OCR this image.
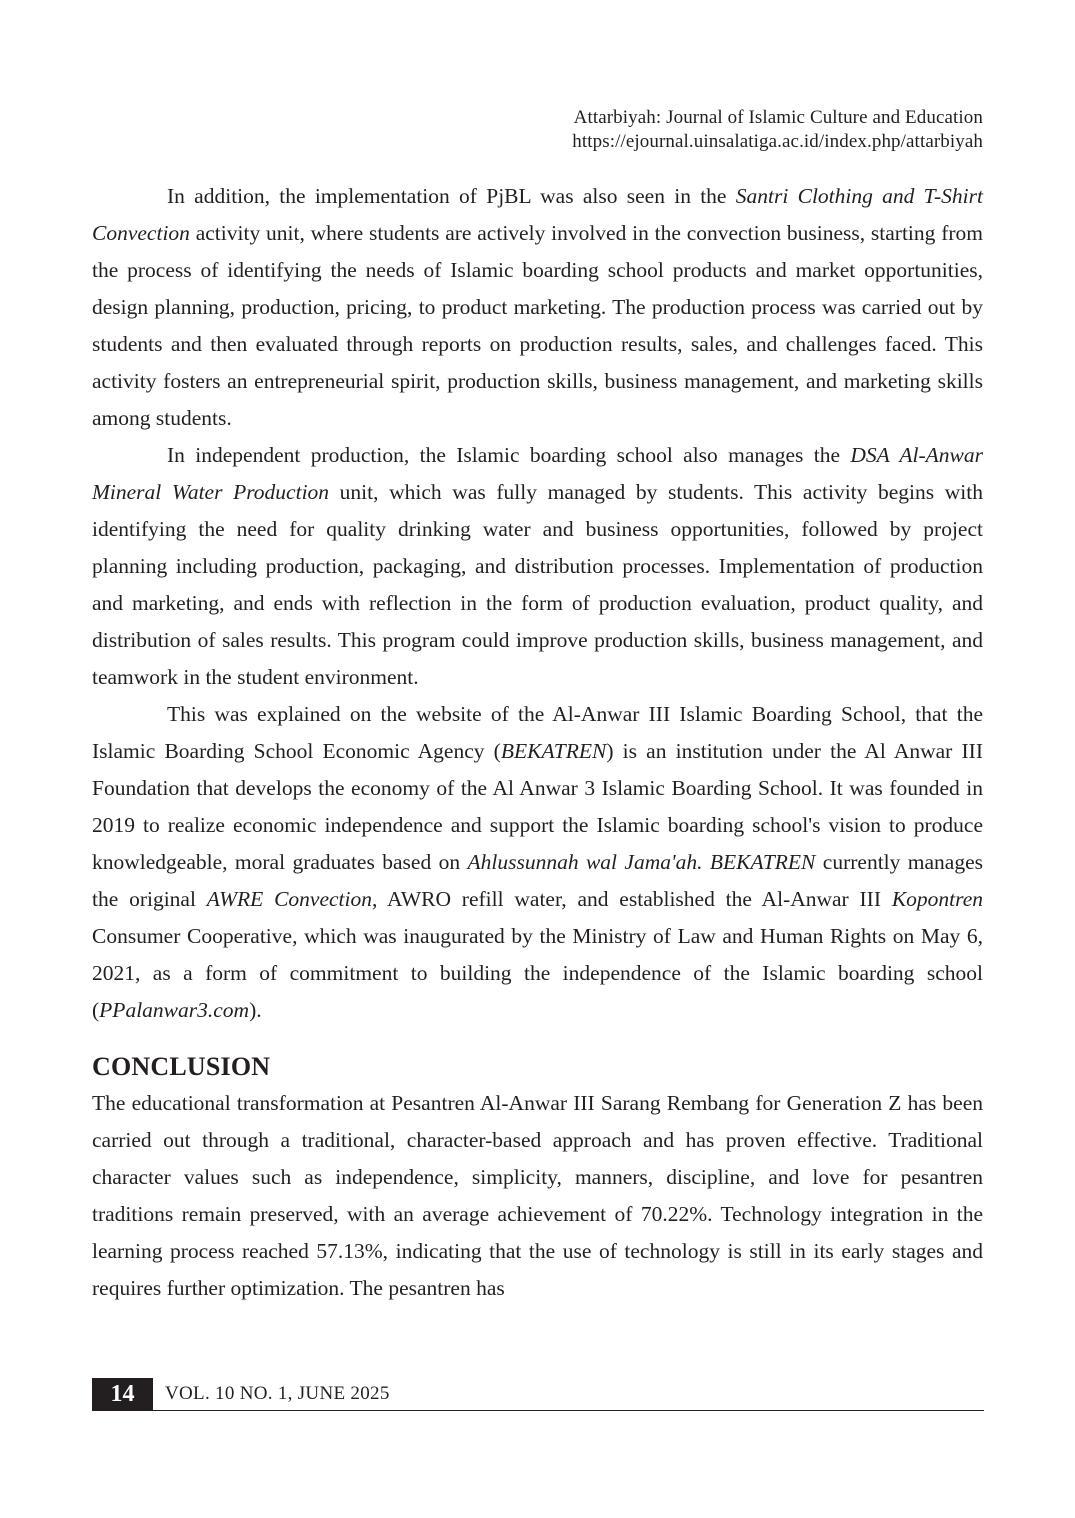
Attarbiyah: Journal of Islamic Culture and Education
https://ejournal.uinsalatiga.ac.id/index.php/attarbiyah

In addition, the implementation of PjBL was also seen in the Santri Clothing and T-Shirt Convection activity unit, where students are actively involved in the convection business, starting from the process of identifying the needs of Islamic boarding school products and market opportunities, design planning, production, pricing, to product marketing. The production process was carried out by students and then evaluated through reports on production results, sales, and challenges faced. This activity fosters an entrepreneurial spirit, production skills, business management, and marketing skills among students.

In independent production, the Islamic boarding school also manages the DSA Al-Anwar Mineral Water Production unit, which was fully managed by students. This activity begins with identifying the need for quality drinking water and business opportunities, followed by project planning including production, packaging, and distribution processes. Implementation of production and marketing, and ends with reflection in the form of production evaluation, product quality, and distribution of sales results. This program could improve production skills, business management, and teamwork in the student environment.

This was explained on the website of the Al-Anwar III Islamic Boarding School, that the Islamic Boarding School Economic Agency (BEKATREN) is an institution under the Al Anwar III Foundation that develops the economy of the Al Anwar 3 Islamic Boarding School. It was founded in 2019 to realize economic independence and support the Islamic boarding school's vision to produce knowledgeable, moral graduates based on Ahlussunnah wal Jama'ah. BEKATREN currently manages the original AWRE Convection, AWRO refill water, and established the Al-Anwar III Kopontren Consumer Cooperative, which was inaugurated by the Ministry of Law and Human Rights on May 6, 2021, as a form of commitment to building the independence of the Islamic boarding school (PPalanwar3.com).

CONCLUSION

The educational transformation at Pesantren Al-Anwar III Sarang Rembang for Generation Z has been carried out through a traditional, character-based approach and has proven effective. Traditional character values such as independence, simplicity, manners, discipline, and love for pesantren traditions remain preserved, with an average achievement of 70.22%. Technology integration in the learning process reached 57.13%, indicating that the use of technology is still in its early stages and requires further optimization. The pesantren has

14	VOL. 10 NO. 1, JUNE 2025
